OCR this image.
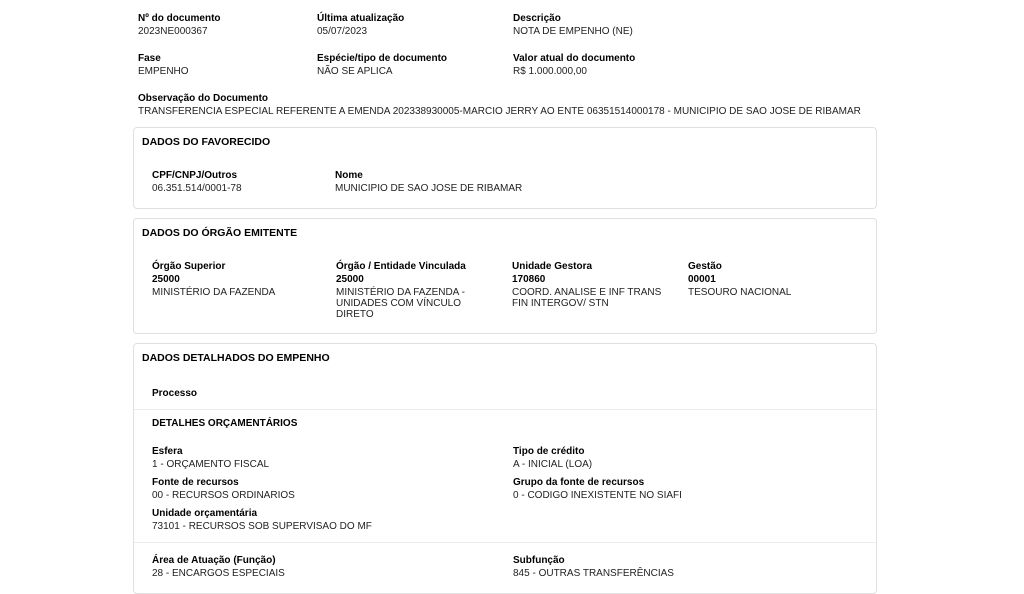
Nº do documento
2023NE000367
Última atualização
05/07/2023
Descrição
NOTA DE EMPENHO (NE)
Fase
EMPENHO
Espécie/tipo de documento
NÃO SE APLICA
Valor atual do documento
R$ 1.000.000,00
Observação do Documento
TRANSFERENCIA ESPECIAL REFERENTE A EMENDA 202338930005-MARCIO JERRY AO ENTE 06351514000178 - MUNICIPIO DE SAO JOSE DE RIBAMAR
DADOS DO FAVORECIDO
CPF/CNPJ/Outros
06.351.514/0001-78
Nome
MUNICIPIO DE SAO JOSE DE RIBAMAR
DADOS DO ÓRGÃO EMITENTE
Órgão Superior
25000
MINISTÉRIO DA FAZENDA
Órgão / Entidade Vinculada
25000
MINISTÉRIO DA FAZENDA - UNIDADES COM VÍNCULO DIRETO
Unidade Gestora
170860
COORD. ANALISE E INF TRANS FIN INTERGOV/ STN
Gestão
00001
TESOURO NACIONAL
DADOS DETALHADOS DO EMPENHO
Processo
DETALHES ORÇAMENTÁRIOS
Esfera
1 - ORÇAMENTO FISCAL
Tipo de crédito
A - INICIAL (LOA)
Fonte de recursos
00 - RECURSOS ORDINARIOS
Grupo da fonte de recursos
0 - CODIGO INEXISTENTE NO SIAFI
Unidade orçamentária
73101 - RECURSOS SOB SUPERVISAO DO MF
Área de Atuação (Função)
28 - ENCARGOS ESPECIAIS
Subfunção
845 - OUTRAS TRANSFERÊNCIAS
